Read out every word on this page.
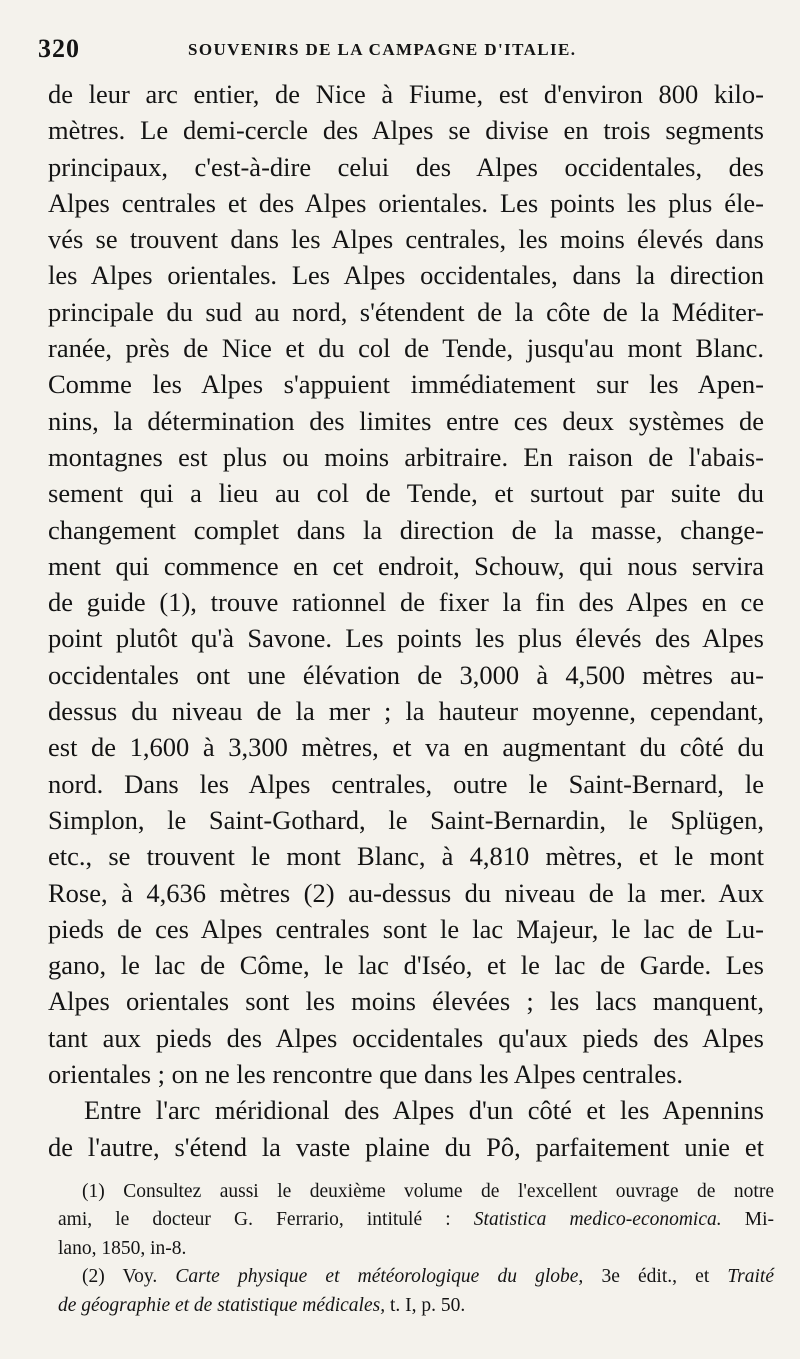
320	SOUVENIRS DE LA CAMPAGNE D'ITALIE.
de leur arc entier, de Nice à Fiume, est d'environ 800 kilo-
mètres. Le demi-cercle des Alpes se divise en trois segments
principaux, c'est-à-dire celui des Alpes occidentales, des
Alpes centrales et des Alpes orientales. Les points les plus éle-
vés se trouvent dans les Alpes centrales, les moins élevés dans
les Alpes orientales. Les Alpes occidentales, dans la direction
principale du sud au nord, s'étendent de la côte de la Méditer-
ranée, près de Nice et du col de Tende, jusqu'au mont Blanc.
Comme les Alpes s'appuient immédiatement sur les Apen-
nins, la détermination des limites entre ces deux systèmes de
montagnes est plus ou moins arbitraire. En raison de l'abais-
sement qui a lieu au col de Tende, et surtout par suite du
changement complet dans la direction de la masse, change-
ment qui commence en cet endroit, Schouw, qui nous servira
de guide (1), trouve rationnel de fixer la fin des Alpes en ce
point plutôt qu'à Savone. Les points les plus élevés des Alpes
occidentales ont une élévation de 3,000 à 4,500 mètres au-
dessus du niveau de la mer ; la hauteur moyenne, cependant,
est de 1,600 à 3,300 mètres, et va en augmentant du côté du
nord. Dans les Alpes centrales, outre le Saint-Bernard, le
Simplon, le Saint-Gothard, le Saint-Bernardin, le Splügen,
etc., se trouvent le mont Blanc, à 4,810 mètres, et le mont
Rose, à 4,636 mètres (2) au-dessus du niveau de la mer. Aux
pieds de ces Alpes centrales sont le lac Majeur, le lac de Lu-
gano, le lac de Côme, le lac d'Iséo, et le lac de Garde. Les
Alpes orientales sont les moins élevées ; les lacs manquent,
tant aux pieds des Alpes occidentales qu'aux pieds des Alpes
orientales ; on ne les rencontre que dans les Alpes centrales.
Entre l'arc méridional des Alpes d'un côté et les Apennins
de l'autre, s'étend la vaste plaine du Pô, parfaitement unie et
(1) Consultez aussi le deuxième volume de l'excellent ouvrage de notre
ami, le docteur G. Ferrario, intitulé : Statistica medico-economica. Mi-
lano, 1850, in-8.
(2) Voy. Carte physique et météorologique du globe, 3e édit., et Traité
de géographie et de statistique médicales, t. I, p. 50.
